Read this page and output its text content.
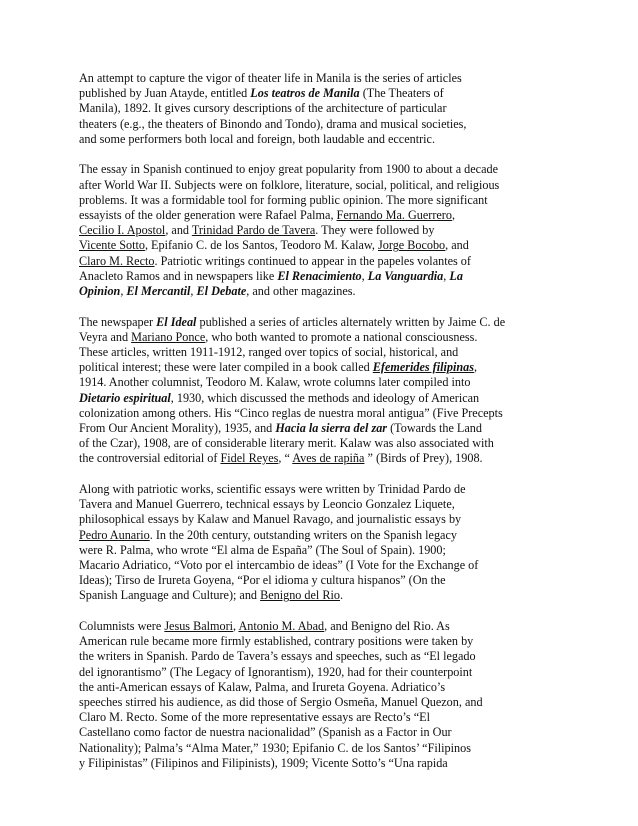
An attempt to capture the vigor of theater life in Manila is the series of articles
published by Juan Atayde, entitled Los teatros de Manila (The Theaters of
Manila), 1892. It gives cursory descriptions of the architecture of particular
theaters (e.g., the theaters of Binondo and Tondo), drama and musical societies,
and some performers both local and foreign, both laudable and eccentric.
The essay in Spanish continued to enjoy great popularity from 1900 to about a decade
after World War II. Subjects were on folklore, literature, social, political, and religious
problems. It was a formidable tool for forming public opinion. The more significant
essayists of the older generation were Rafael Palma, Fernando Ma. Guerrero,
Cecilio I. Apostol, and Trinidad Pardo de Tavera. They were followed by
Vicente Sotto, Epifanio C. de los Santos, Teodoro M. Kalaw, Jorge Bocobo, and
Claro M. Recto. Patriotic writings continued to appear in the papeles volantes of
Anacleto Ramos and in newspapers like El Renacimiento, La Vanguardia, La
Opinion, El Mercantil, El Debate, and other magazines.
The newspaper El Ideal published a series of articles alternately written by Jaime C. de
Veyra and Mariano Ponce, who both wanted to promote a national consciousness.
These articles, written 1911-1912, ranged over topics of social, historical, and
political interest; these were later compiled in a book called Efemerides filipinas,
1914. Another columnist, Teodoro M. Kalaw, wrote columns later compiled into
Dietario espiritual, 1930, which discussed the methods and ideology of American
colonization among others. His “Cinco reglas de nuestra moral antigua” (Five Precepts
From Our Ancient Morality), 1935, and Hacia la sierra del zar (Towards the Land
of the Czar), 1908, are of considerable literary merit. Kalaw was also associated with
the controversial editorial of Fidel Reyes, “ Aves de rapiña ” (Birds of Prey), 1908.
Along with patriotic works, scientific essays were written by Trinidad Pardo de
Tavera and Manuel Guerrero, technical essays by Leoncio Gonzalez Liquete,
philosophical essays by Kalaw and Manuel Ravago, and journalistic essays by
Pedro Aunario. In the 20th century, outstanding writers on the Spanish legacy
were R. Palma, who wrote “El alma de España” (The Soul of Spain). 1900;
Macario Adriatico, “Voto por el intercambio de ideas” (I Vote for the Exchange of
Ideas); Tirso de Irureta Goyena, “Por el idioma y cultura hispanos” (On the
Spanish Language and Culture); and Benigno del Rio.
Columnists were Jesus Balmori, Antonio M. Abad, and Benigno del Rio. As
American rule became more firmly established, contrary positions were taken by
the writers in Spanish. Pardo de Tavera’s essays and speeches, such as “El legado
del ignorantismo” (The Legacy of Ignorantism), 1920, had for their counterpoint
the anti-American essays of Kalaw, Palma, and Irureta Goyena. Adriatico’s
speeches stirred his audience, as did those of Sergio Osmeña, Manuel Quezon, and
Claro M. Recto. Some of the more representative essays are Recto’s “El
Castellano como factor de nuestra nacionalidad” (Spanish as a Factor in Our
Nationality); Palma’s “Alma Mater,” 1930; Epifanio C. de los Santos’ “Filipinos
y Filipinistas” (Filipinos and Filipinists), 1909; Vicente Sotto’s “Una rapida
